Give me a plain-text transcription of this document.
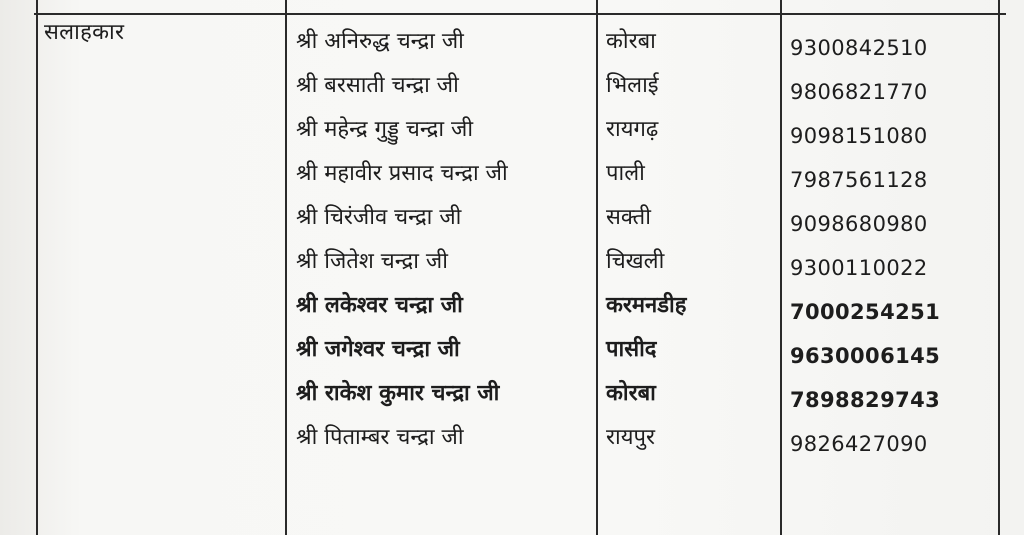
सलाहकार	श्री अनिरुद्ध चन्द्रा जी	कोरबा	9300842510
श्री बरसाती चन्द्रा जी	भिलाई	9806821770
श्री महेन्द्र गुड्डु चन्द्रा जी	रायगढ़	9098151080
श्री महावीर प्रसाद चन्द्रा जी	पाली	7987561128
श्री चिरंजीव चन्द्रा जी	सक्ती	9098680980
श्री जितेश चन्द्रा जी	चिखली	9300110022
श्री लकेश्वर चन्द्रा जी	करमनडीह	7000254251
श्री जगेश्वर चन्द्रा जी	पासीद	9630006145
श्री राकेश कुमार चन्द्रा जी	कोरबा	7898829743
श्री पिताम्बर चन्द्रा जी	रायपुर	9826427090
